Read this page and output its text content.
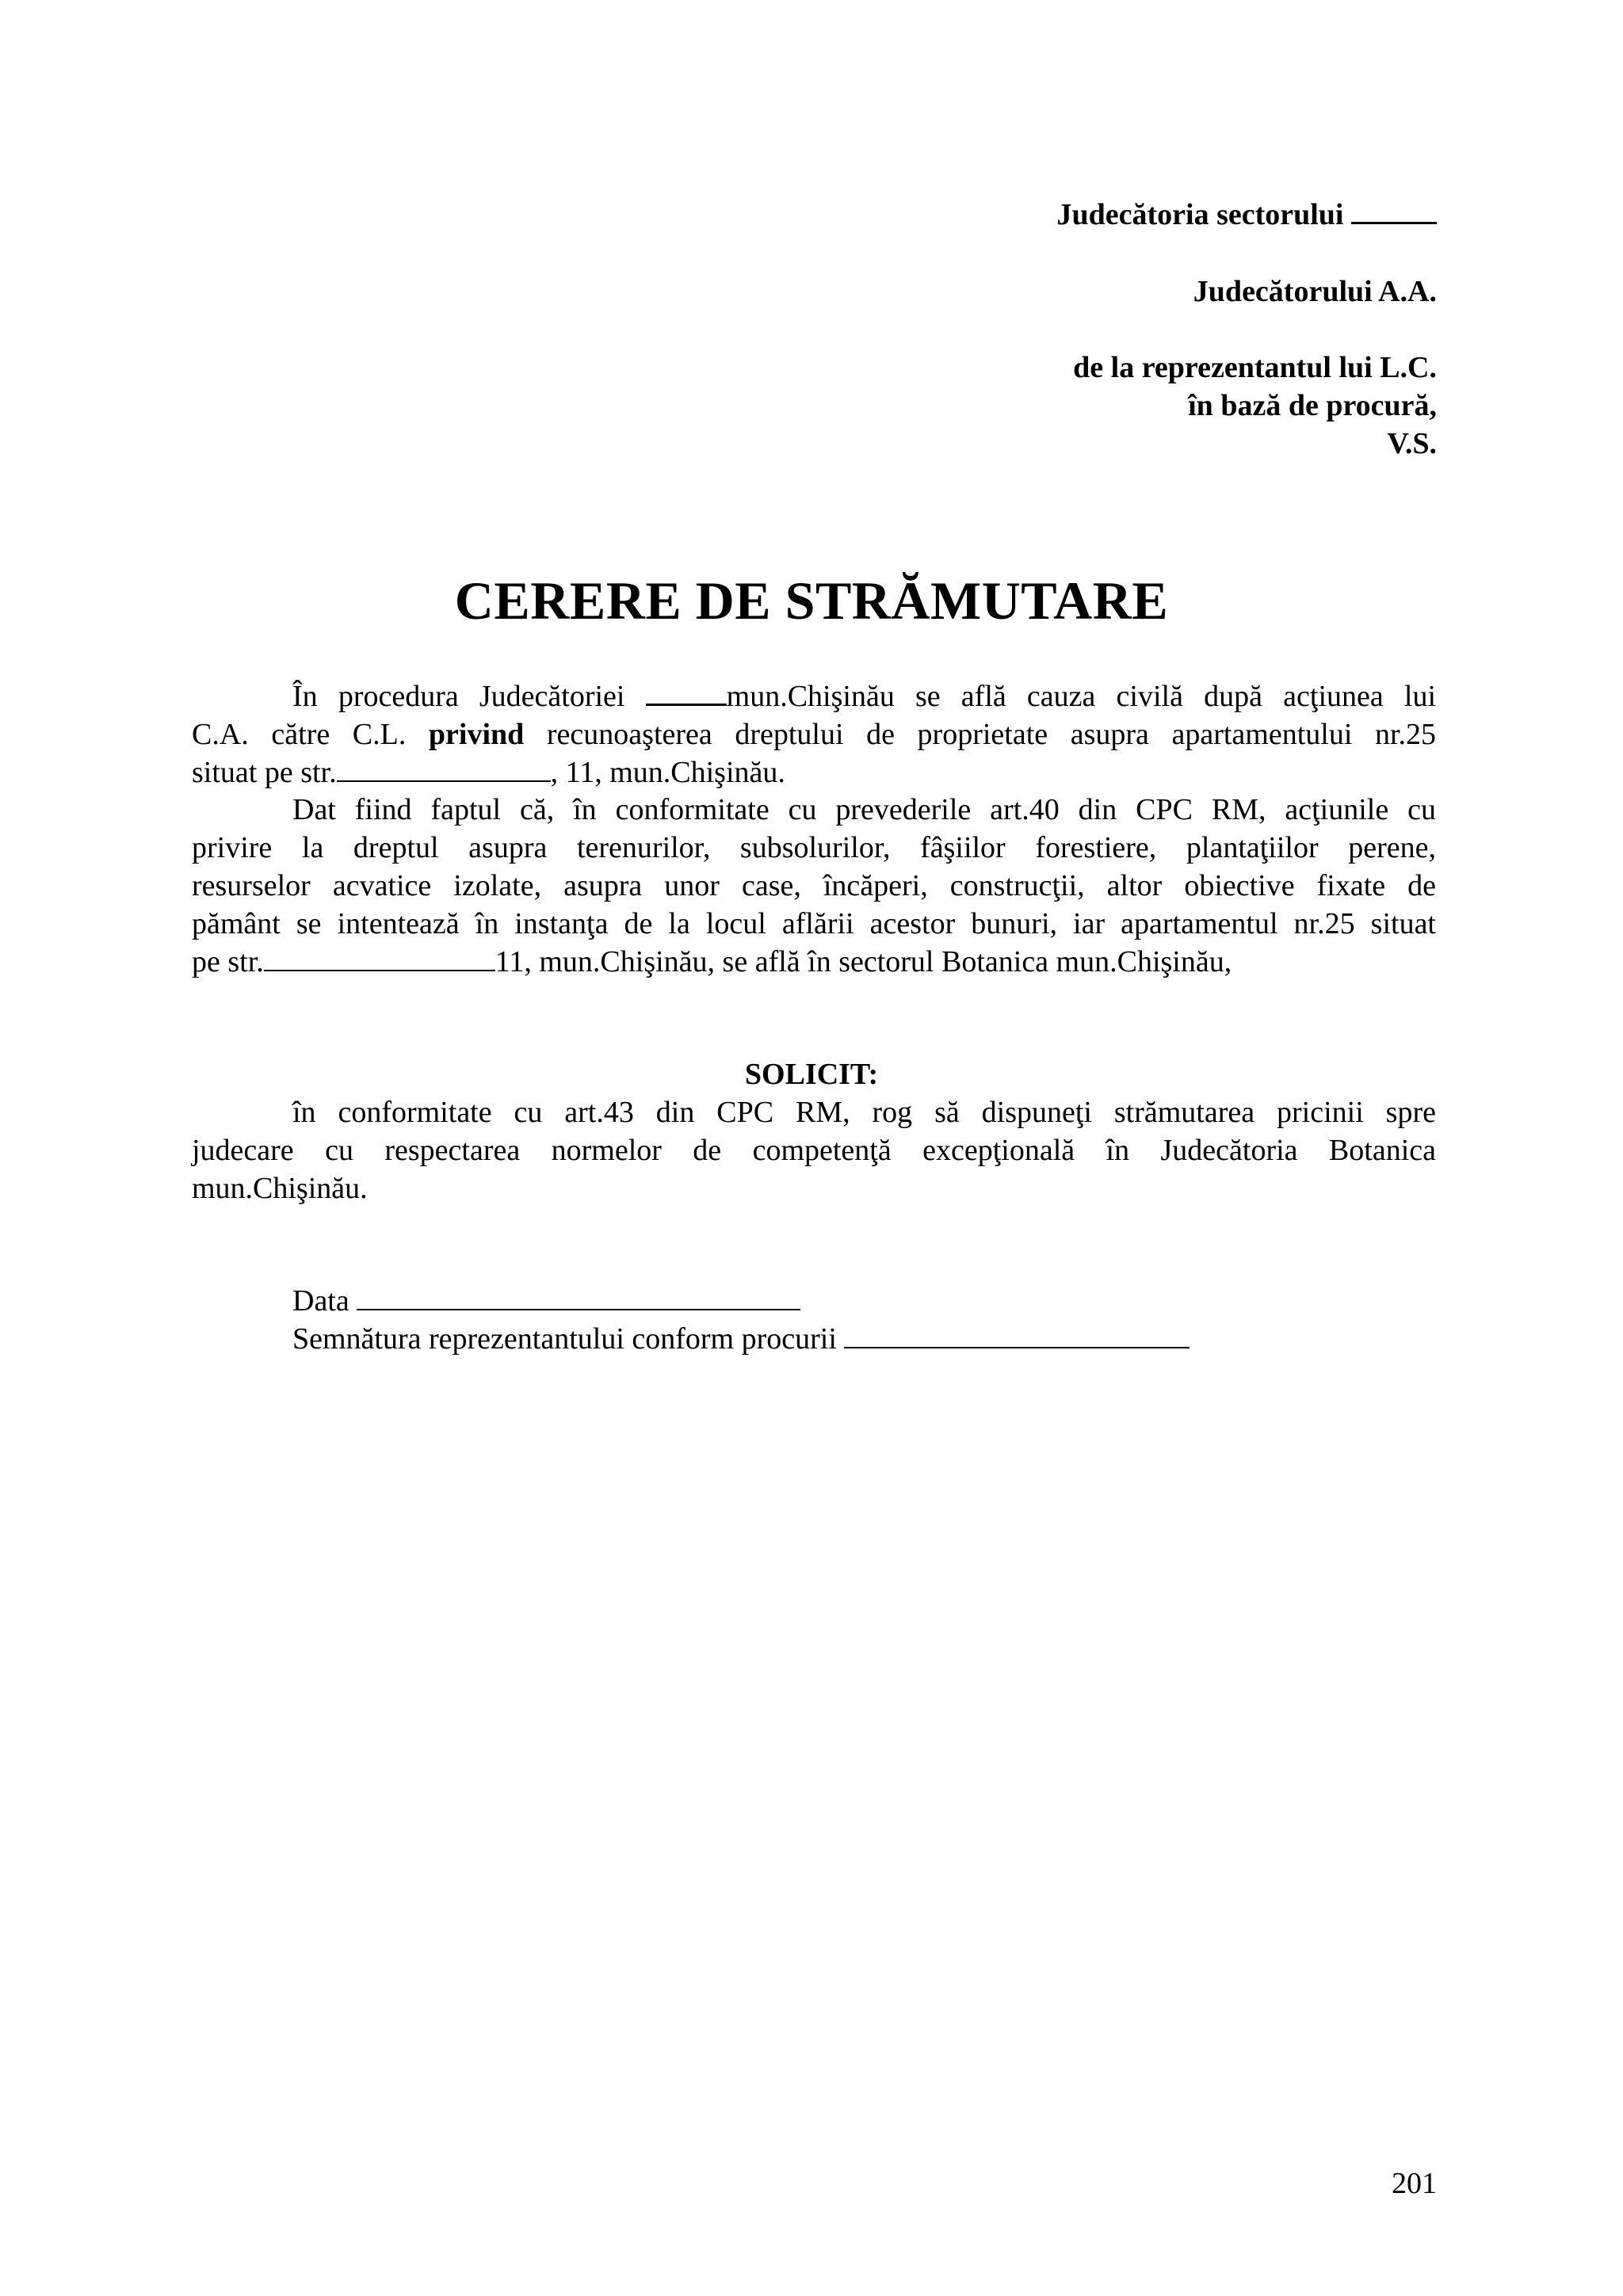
Judecătoria sectorului
Judecătorului A.A.
de la reprezentantul lui L.C.
în bază de procură,
V.S.
CERERE DE STRĂMUTARE
În procedura Judecătoriei	mun.Chişinău se află cauza civilă după acţiunea lui
C.A. către C.L. privind recunoaşterea dreptului de proprietate asupra apartamentului nr.25
situat pe str.	, 11, mun.Chişinău.
Dat fiind faptul că, în conformitate cu prevederile art.40 din CPC RM, acţiunile cu
privire la dreptul asupra terenurilor, subsolurilor, fâşiilor forestiere, plantaţiilor perene,
resurselor acvatice izolate, asupra unor case, încăperi, construcţii, altor obiective fixate de
pământ se intentează în instanţa de la locul aflării acestor bunuri, iar apartamentul nr.25 situat
pe str.	11, mun.Chişinău, se află în sectorul Botanica mun.Chişinău,
SOLICIT:
în conformitate cu art.43 din CPC RM, rog să dispuneţi strămutarea pricinii spre
judecare cu respectarea normelor de competenţă excepţională în Judecătoria Botanica
mun.Chişinău.
Data
Semnătura reprezentantului conform procurii
201
